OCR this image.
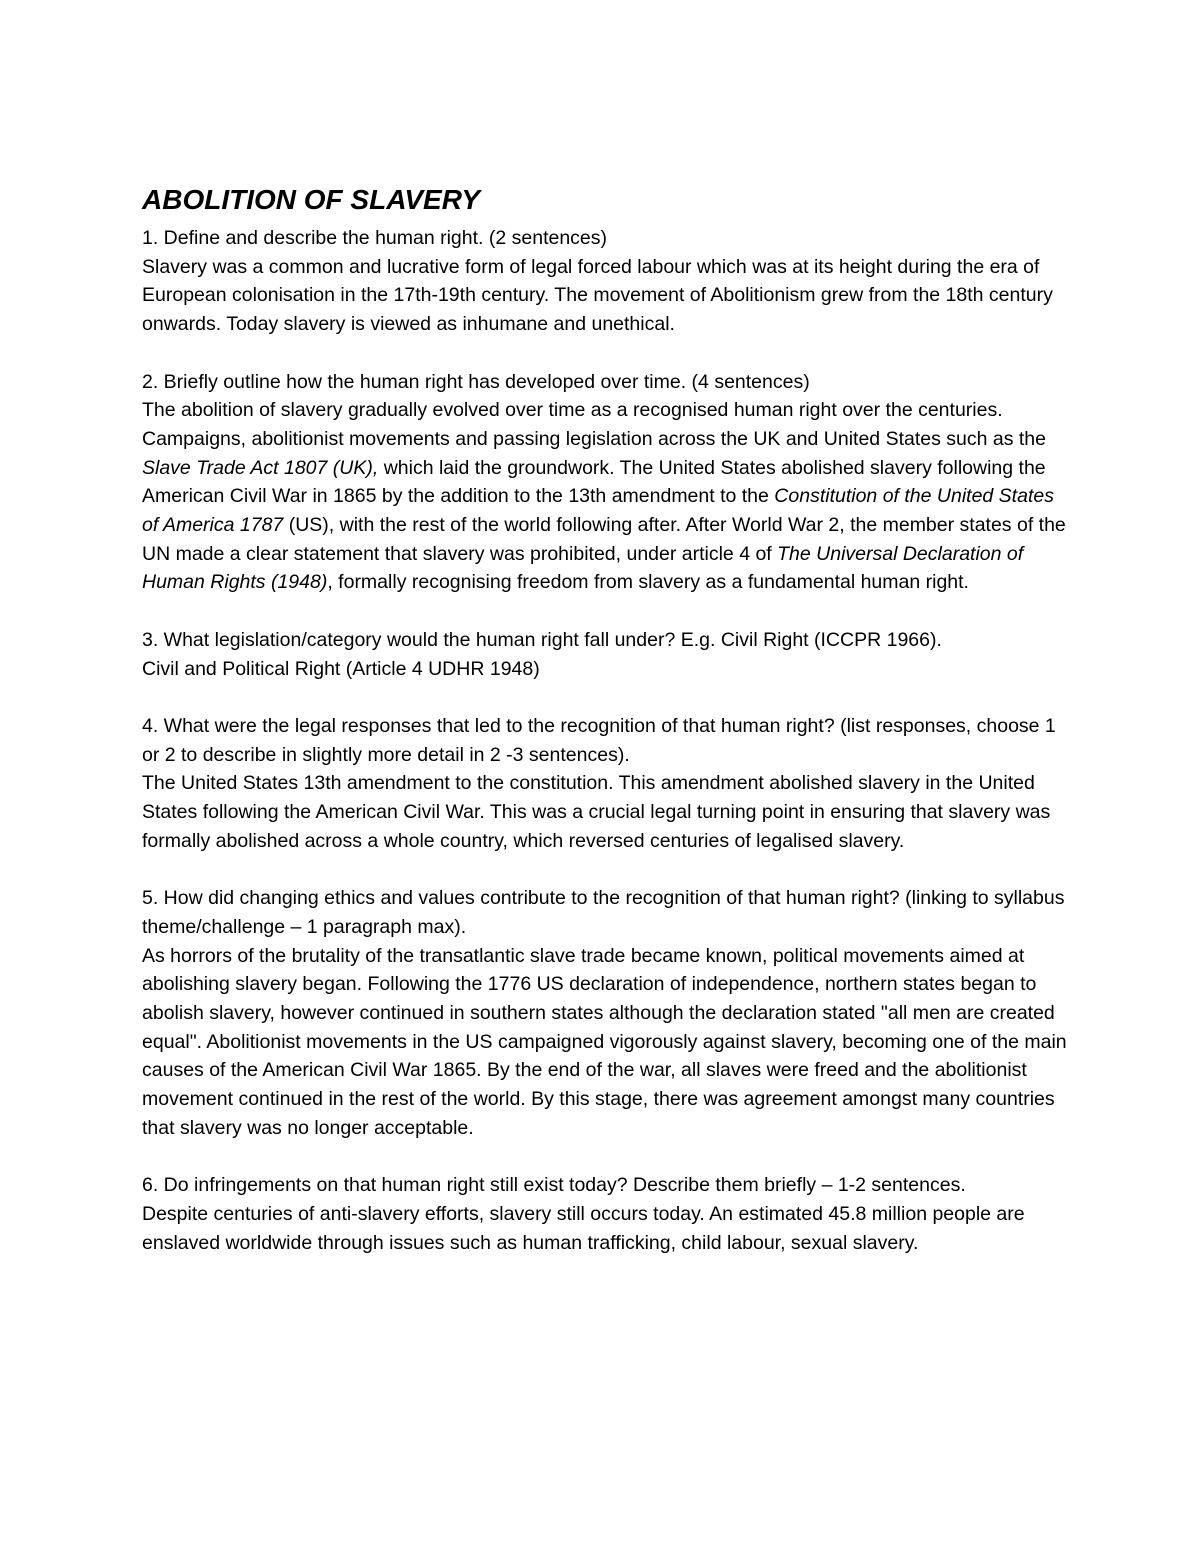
ABOLITION OF SLAVERY

1. Define and describe the human right. (2 sentences)

Slavery was a common and lucrative form of legal forced labour which was at its height during the era of European colonisation in the 17th-19th century. The movement of Abolitionism grew from the 18th century onwards. Today slavery is viewed as inhumane and unethical.

2. Briefly outline how the human right has developed over time. (4 sentences)

The abolition of slavery gradually evolved over time as a recognised human right over the centuries. Campaigns, abolitionist movements and passing legislation across the UK and United States such as the Slave Trade Act 1807 (UK), which laid the groundwork. The United States abolished slavery following the American Civil War in 1865 by the addition to the 13th amendment to the Constitution of the United States of America 1787 (US), with the rest of the world following after. After World War 2, the member states of the UN made a clear statement that slavery was prohibited, under article 4 of The Universal Declaration of Human Rights (1948), formally recognising freedom from slavery as a fundamental human right.

3. What legislation/category would the human right fall under? E.g. Civil Right (ICCPR 1966).

Civil and Political Right (Article 4 UDHR 1948)

4. What were the legal responses that led to the recognition of that human right? (list responses, choose 1 or 2 to describe in slightly more detail in 2 -3 sentences).

The United States 13th amendment to the constitution. This amendment abolished slavery in the United States following the American Civil War. This was a crucial legal turning point in ensuring that slavery was formally abolished across a whole country, which reversed centuries of legalised slavery.

5. How did changing ethics and values contribute to the recognition of that human right? (linking to syllabus theme/challenge – 1 paragraph max).

As horrors of the brutality of the transatlantic slave trade became known, political movements aimed at abolishing slavery began. Following the 1776 US declaration of independence, northern states began to abolish slavery, however continued in southern states although the declaration stated "all men are created equal". Abolitionist movements in the US campaigned vigorously against slavery, becoming one of the main causes of the American Civil War 1865. By the end of the war, all slaves were freed and the abolitionist movement continued in the rest of the world. By this stage, there was agreement amongst many countries that slavery was no longer acceptable.

6. Do infringements on that human right still exist today? Describe them briefly – 1-2 sentences.

Despite centuries of anti-slavery efforts, slavery still occurs today. An estimated 45.8 million people are enslaved worldwide through issues such as human trafficking, child labour, sexual slavery.
